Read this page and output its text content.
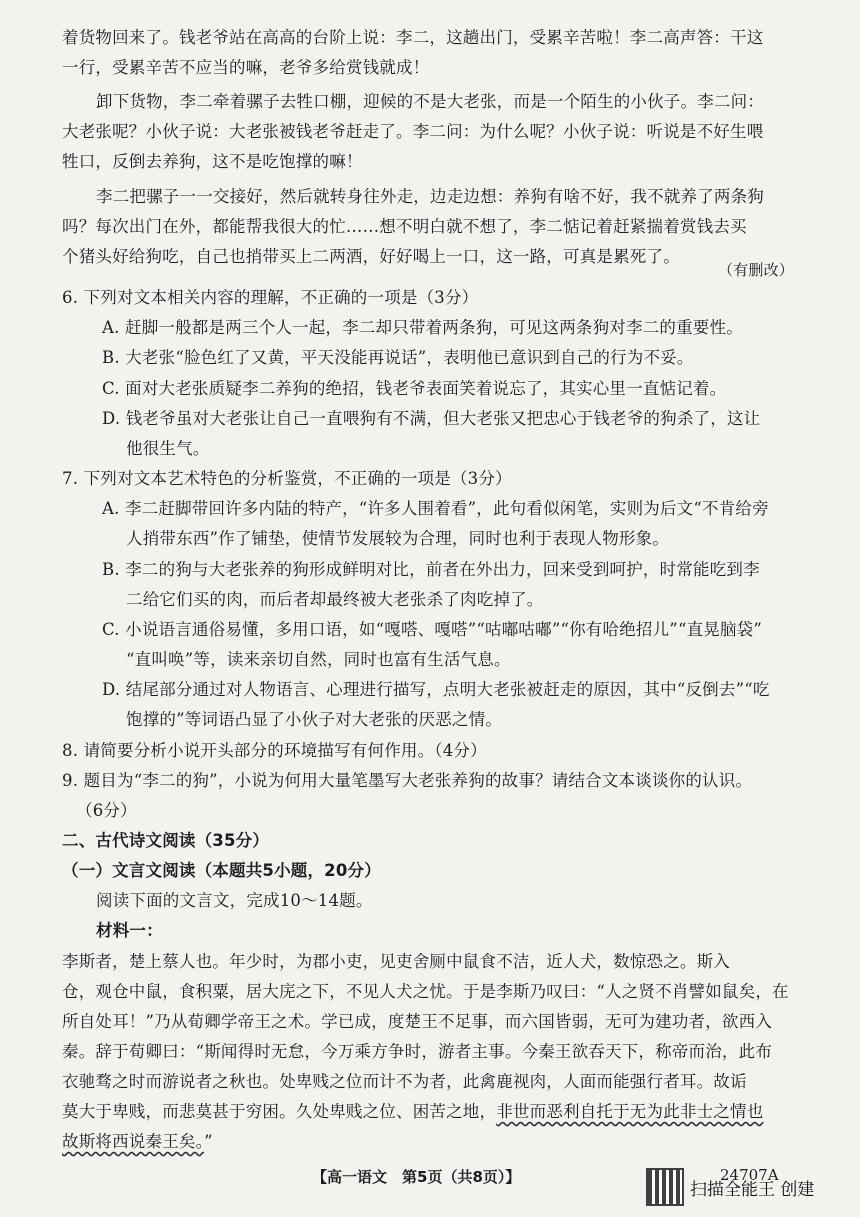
着货物回来了。钱老爷站在高高的台阶上说：李二，这趟出门，受累辛苦啦！李二高声答：干这
一行，受累辛苦不应当的嘛，老爷多给赏钱就成！
卸下货物，李二牵着骡子去牲口棚，迎候的不是大老张，而是一个陌生的小伙子。李二问：
大老张呢？小伙子说：大老张被钱老爷赶走了。李二问：为什么呢？小伙子说：听说是不好生喂
牲口，反倒去养狗，这不是吃饱撑的嘛！
李二把骡子一一交接好，然后就转身往外走，边走边想：养狗有啥不好，我不就养了两条狗
吗？每次出门在外，都能帮我很大的忙……想不明白就不想了，李二惦记着赶紧揣着赏钱去买
个猪头好给狗吃，自己也捎带买上二两酒，好好喝上一口，这一路，可真是累死了。
（有删改）
6. 下列对文本相关内容的理解，不正确的一项是（3分）
A. 赶脚一般都是两三个人一起，李二却只带着两条狗，可见这两条狗对李二的重要性。
B. 大老张“脸色红了又黄，平天没能再说话”，表明他已意识到自己的行为不妥。
C. 面对大老张质疑李二养狗的绝招，钱老爷表面笑着说忘了，其实心里一直惦记着。
D. 钱老爷虽对大老张让自己一直喂狗有不满，但大老张又把忠心于钱老爷的狗杀了，这让
他很生气。
7. 下列对文本艺术特色的分析鉴赏，不正确的一项是（3分）
A. 李二赶脚带回许多内陆的特产，“许多人围着看”，此句看似闲笔，实则为后文“不肯给旁
人捎带东西”作了铺垫，使情节发展较为合理，同时也利于表现人物形象。
B. 李二的狗与大老张养的狗形成鲜明对比，前者在外出力，回来受到呵护，时常能吃到李
二给它们买的肉，而后者却最终被大老张杀了肉吃掉了。
C. 小说语言通俗易懂，多用口语，如“嘎嗒、嘎嗒”“咕嘟咕嘟”“你有哈绝招儿”“直晃脑袋”
“直叫唤”等，读来亲切自然，同时也富有生活气息。
D. 结尾部分通过对人物语言、心理进行描写，点明大老张被赶走的原因，其中“反倒去”“吃
饱撑的”等词语凸显了小伙子对大老张的厌恶之情。
8. 请简要分析小说开头部分的环境描写有何作用。（4分）
9. 题目为“李二的狗”，小说为何用大量笔墨写大老张养狗的故事？请结合文本谈谈你的认识。
（6分）
二、古代诗文阅读（35分）
（一）文言文阅读（本题共5小题，20分）
阅读下面的文言文，完成10～14题。
材料一：
李斯者，楚上蔡人也。年少时，为郡小吏，见吏舍厕中鼠食不洁，近人犬，数惊恐之。斯入
仓，观仓中鼠，食积粟，居大庑之下，不见人犬之忧。于是李斯乃叹曰：“人之贤不肖譬如鼠矣，在
所自处耳！”乃从荀卿学帝王之术。学已成，度楚王不足事，而六国皆弱，无可为建功者，欲西入
秦。辞于荀卿曰：“斯闻得时无怠，今万乘方争时，游者主事。今秦王欲吞天下，称帝而治，此布
衣驰骛之时而游说者之秋也。处卑贱之位而计不为者，此禽鹿视肉，人面而能强行者耳。故诟
莫大于卑贱，而悲莫甚于穷困。久处卑贱之位、困苦之地，非世而恶利自托于无为此非士之情也
故斯将西说秦王矣。”
【高一语文　第5页（共8页）】	24707A
扫描全能王 创建
